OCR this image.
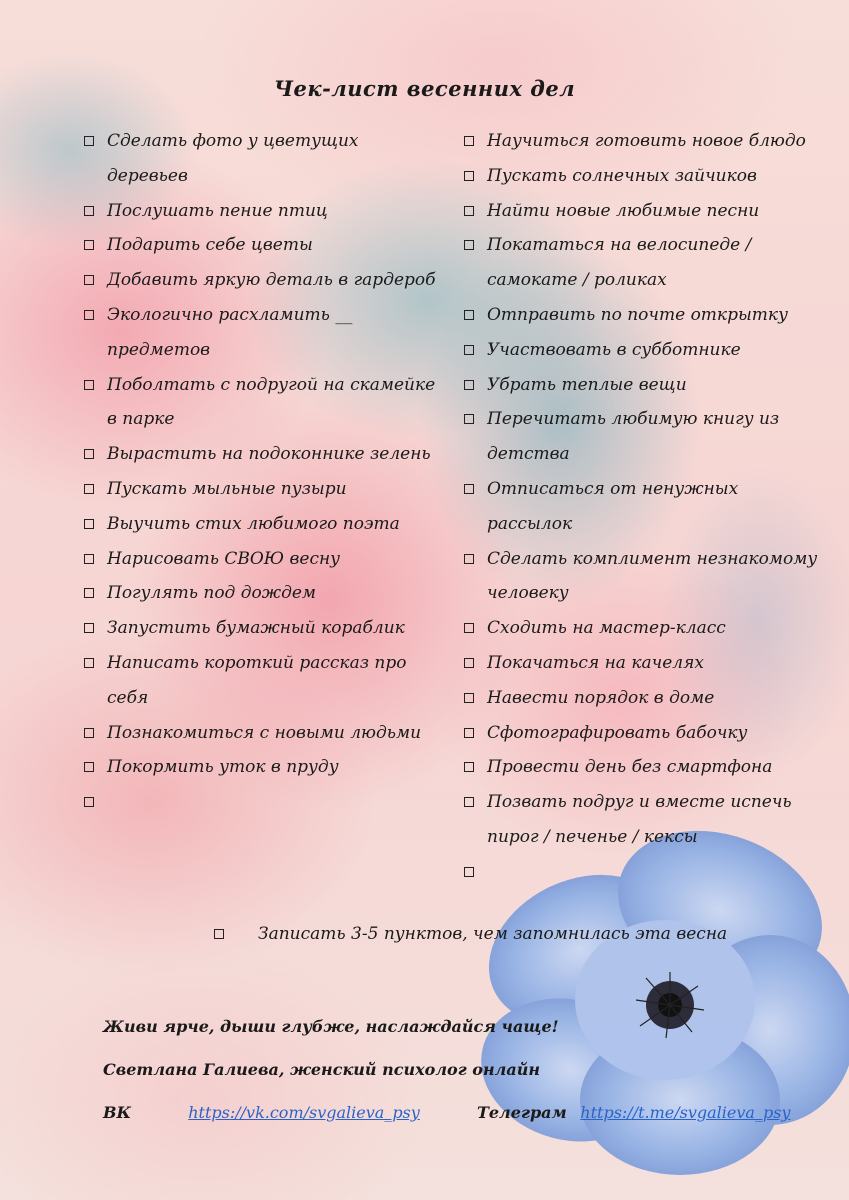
Чек-лист весенних дел
Сделать фото у цветущих деревьев
Послушать пение птиц
Подарить себе цветы
Добавить яркую деталь в гардероб
Экологично расхламить __ предметов
Поболтать с подругой на скамейке в парке
Вырастить на подоконнике зелень
Пускать мыльные пузыри
Выучить стих любимого поэта
Нарисовать СВОЮ весну
Погулять под дождем
Запустить бумажный кораблик
Написать короткий рассказ про себя
Познакомиться с новыми людьми
Покормить уток в пруду
Научиться готовить новое блюдо
Пускать солнечных зайчиков
Найти новые любимые песни
Покататься на велосипеде / самокате / роликах
Отправить по почте открытку
Участвовать в субботнике
Убрать теплые вещи
Перечитать любимую книгу из детства
Отписаться от ненужных рассылок
Сделать комплимент незнакомому человеку
Сходить на мастер-класс
Покачаться на качелях
Навести порядок в доме
Сфотографировать бабочку
Провести день без смартфона
Позвать подруг и вместе испечь пирог / печенье / кексы
Записать 3-5 пунктов, чем запомнилась эта весна
Живи ярче, дыши глубже, наслаждайся чаще!
Светлана Галиева, женский психолог онлайн
ВК	https://vk.com/svgalieva_psy	Телеграм https://t.me/svgalieva_psy
